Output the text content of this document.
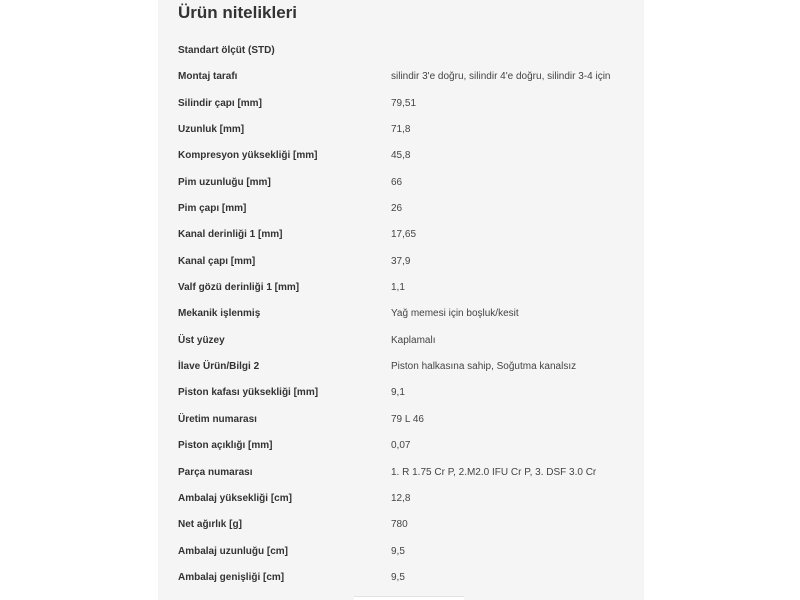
Ürün nitelikleri
Standart ölçüt (STD)
Montaj tarafı	silindir 3'e doğru, silindir 4'e doğru, silindir 3-4 için
Silindir çapı [mm]	79,51
Uzunluk [mm]	71,8
Kompresyon yüksekliği [mm]	45,8
Pim uzunluğu [mm]	66
Pim çapı [mm]	26
Kanal derinliği 1 [mm]	17,65
Kanal çapı [mm]	37,9
Valf gözü derinliği 1 [mm]	1,1
Mekanik işlenmiş	Yağ memesi için boşluk/kesit
Üst yüzey	Kaplamalı
İlave Ürün/Bilgi 2	Piston halkasına sahip, Soğutma kanalsız
Piston kafası yüksekliği [mm]	9,1
Üretim numarası	79 L 46
Piston açıklığı [mm]	0,07
Parça numarası	1. R 1.75 Cr P, 2.M2.0 IFU Cr P, 3. DSF 3.0 Cr
Ambalaj yüksekliği [cm]	12,8
Net ağırlık [g]	780
Ambalaj uzunluğu [cm]	9,5
Ambalaj genişliği [cm]	9,5
